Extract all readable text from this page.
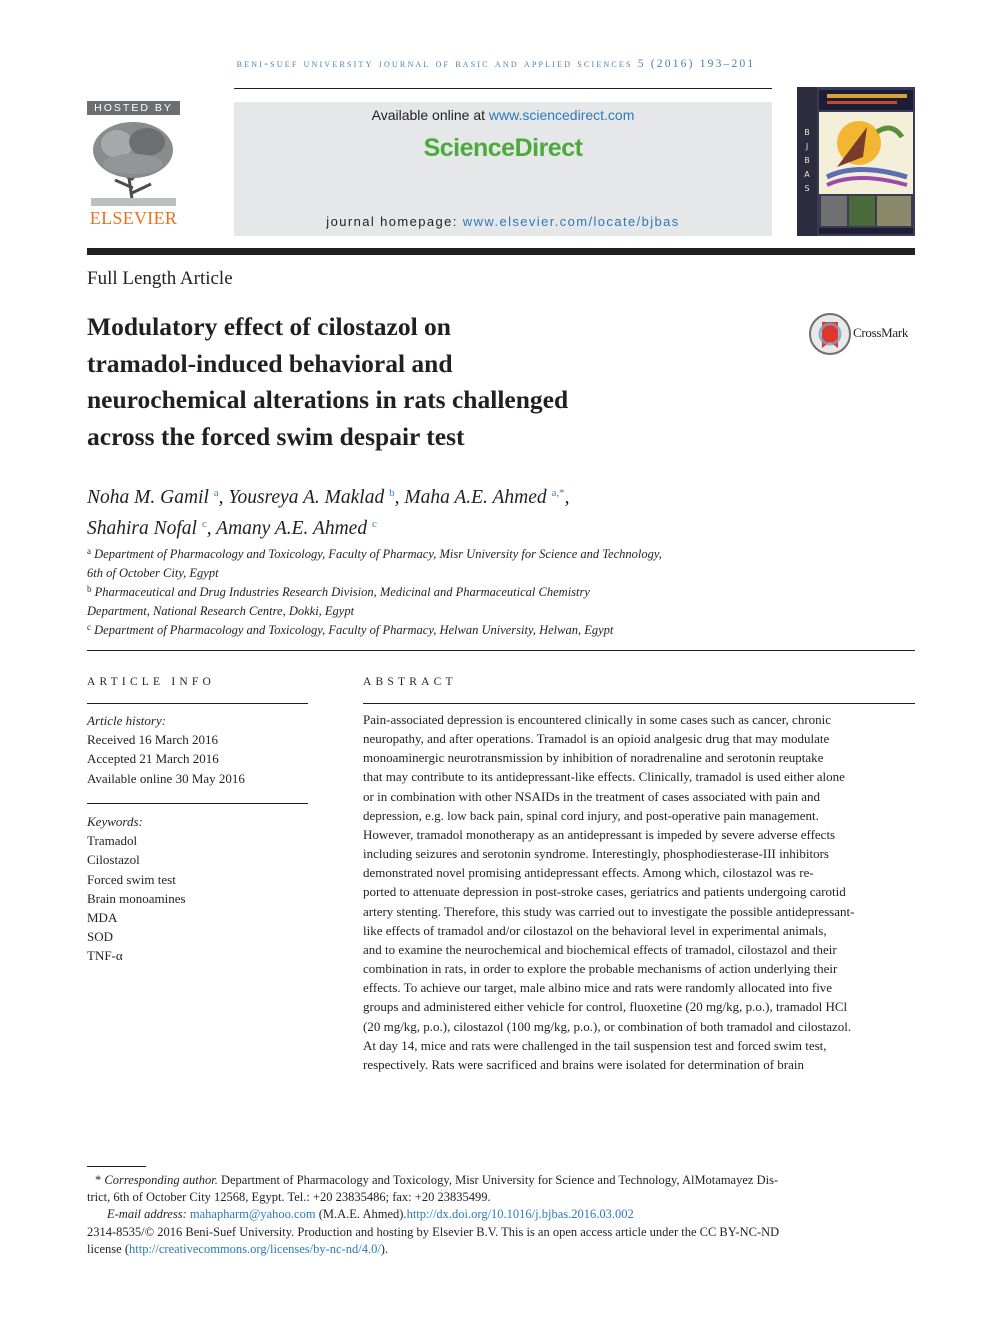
beni-suef university journal of basic and applied sciences 5 (2016) 193–201
HOSTED BY
ELSEVIER
Available online at www.sciencedirect.com
ScienceDirect
journal homepage: www.elsevier.com/locate/bjbas
B
J
B
A
S
Full Length Article
Modulatory effect of cilostazol on
tramadol-induced behavioral and
neurochemical alterations in rats challenged
across the forced swim despair test
CrossMark
Noha M. Gamil $^a$, Yousreya A. Maklad $^b$, Maha A.E. Ahmed $^{a,*}$,
Shahira Nofal $^c$, Amany A.E. Ahmed $^c$
$^a$ Department of Pharmacology and Toxicology, Faculty of Pharmacy, Misr University for Science and Technology,
6th of October City, Egypt
$^b$ Pharmaceutical and Drug Industries Research Division, Medicinal and Pharmaceutical Chemistry
Department, National Research Centre, Dokki, Egypt
$^c$ Department of Pharmacology and Toxicology, Faculty of Pharmacy, Helwan University, Helwan, Egypt
ARTICLE INFO
Article history:
Received 16 March 2016
Accepted 21 March 2016
Available online 30 May 2016
Keywords:
Tramadol
Cilostazol
Forced swim test
Brain monoamines
MDA
SOD
TNF-α
ABSTRACT
Pain-associated depression is encountered clinically in some cases such as cancer, chronic
neuropathy, and after operations. Tramadol is an opioid analgesic drug that may modulate
monoaminergic neurotransmission by inhibition of noradrenaline and serotonin reuptake
that may contribute to its antidepressant-like effects. Clinically, tramadol is used either alone
or in combination with other NSAIDs in the treatment of cases associated with pain and
depression, e.g. low back pain, spinal cord injury, and post-operative pain management.
However, tramadol monotherapy as an antidepressant is impeded by severe adverse effects
including seizures and serotonin syndrome. Interestingly, phosphodiesterase-III inhibitors
demonstrated novel promising antidepressant effects. Among which, cilostazol was re-
ported to attenuate depression in post-stroke cases, geriatrics and patients undergoing carotid
artery stenting. Therefore, this study was carried out to investigate the possible antidepressant-
like effects of tramadol and/or cilostazol on the behavioral level in experimental animals,
and to examine the neurochemical and biochemical effects of tramadol, cilostazol and their
combination in rats, in order to explore the probable mechanisms of action underlying their
effects. To achieve our target, male albino mice and rats were randomly allocated into five
groups and administered either vehicle for control, fluoxetine (20 mg/kg, p.o.), tramadol HCl
(20 mg/kg, p.o.), cilostazol (100 mg/kg, p.o.), or combination of both tramadol and cilostazol.
At day 14, mice and rats were challenged in the tail suspension test and forced swim test,
respectively. Rats were sacrificed and brains were isolated for determination of brain
* Corresponding author. Department of Pharmacology and Toxicology, Misr University for Science and Technology, AlMotamayez Dis-
trict, 6th of October City 12568, Egypt. Tel.: +20 23835486; fax: +20 23835499.
E-mail address: mahapharm@yahoo.com (M.A.E. Ahmed).http://dx.doi.org/10.1016/j.bjbas.2016.03.002
2314-8535/© 2016 Beni-Suef University. Production and hosting by Elsevier B.V. This is an open access article under the CC BY-NC-ND
license (http://creativecommons.org/licenses/by-nc-nd/4.0/).
